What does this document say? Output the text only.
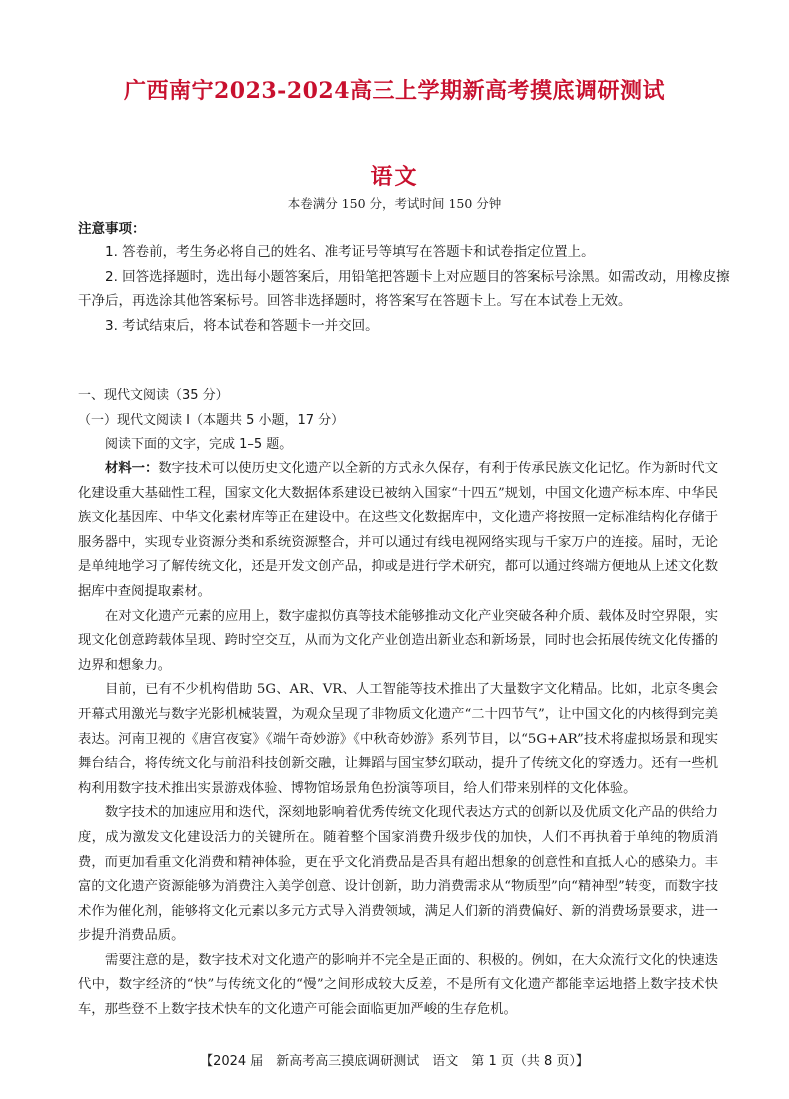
广西南宁2023-2024高三上学期新高考摸底调研测试
语文
本卷满分 150 分，考试时间 150 分钟
注意事项：

1. 答卷前，考生务必将自己的姓名、准考证号等填写在答题卡和试卷指定位置上。

2. 回答选择题时，选出每小题答案后，用铅笔把答题卡上对应题目的答案标号涂黑。如需改动，用橡皮擦干净后，再选涂其他答案标号。回答非选择题时，将答案写在答题卡上。写在本试卷上无效。

3. 考试结束后，将本试卷和答题卡一并交回。

一、现代文阅读（35 分）
（一）现代文阅读 I（本题共 5 小题，17 分）
阅读下面的文字，完成 1–5 题。

材料一：数字技术可以使历史文化遗产以全新的方式永久保存，有利于传承民族文化记忆。作为新时代文化建设重大基础性工程，国家文化大数据体系建设已被纳入国家“十四五”规划，中国文化遗产标本库、中华民族文化基因库、中华文化素材库等正在建设中。在这些文化数据库中，文化遗产将按照一定标准结构化存储于服务器中，实现专业资源分类和系统资源整合，并可以通过有线电视网络实现与千家万户的连接。届时，无论是单纯地学习了解传统文化，还是开发文创产品，抑或是进行学术研究，都可以通过终端方便地从上述文化数据库中查阅提取素材。

在对文化遗产元素的应用上，数字虚拟仿真等技术能够推动文化产业突破各种介质、载体及时空界限，实现文化创意跨载体呈现、跨时空交互，从而为文化产业创造出新业态和新场景，同时也会拓展传统文化传播的边界和想象力。

目前，已有不少机构借助 5G、AR、VR、人工智能等技术推出了大量数字文化精品。比如，北京冬奥会开幕式用激光与数字光影机械装置，为观众呈现了非物质文化遗产“二十四节气”，让中国文化的内核得到完美表达。河南卫视的《唐宫夜宴》《端午奇妙游》《中秋奇妙游》系列节目，以“5G+AR”技术将虚拟场景和现实舞台结合，将传统文化与前沿科技创新交融，让舞蹈与国宝梦幻联动，提升了传统文化的穿透力。还有一些机构利用数字技术推出实景游戏体验、博物馆场景角色扮演等项目，给人们带来别样的文化体验。

数字技术的加速应用和迭代，深刻地影响着优秀传统文化现代表达方式的创新以及优质文化产品的供给力度，成为激发文化建设活力的关键所在。随着整个国家消费升级步伐的加快，人们不再执着于单纯的物质消费，而更加看重文化消费和精神体验，更在乎文化消费品是否具有超出想象的创意性和直抵人心的感染力。丰富的文化遗产资源能够为消费注入美学创意、设计创新，助力消费需求从“物质型”向“精神型”转变，而数字技术作为催化剂，能够将文化元素以多元方式导入消费领域，满足人们新的消费偏好、新的消费场景要求，进一步提升消费品质。

需要注意的是，数字技术对文化遗产的影响并不完全是正面的、积极的。例如，在大众流行文化的快速迭代中，数字经济的“快”与传统文化的“慢”之间形成较大反差，不是所有文化遗产都能幸运地搭上数字技术快车，那些登不上数字技术快车的文化遗产可能会面临更加严峻的生存危机。

【2024 届　新高考高三摸底调研测试　语文　第 1 页（共 8 页）】
